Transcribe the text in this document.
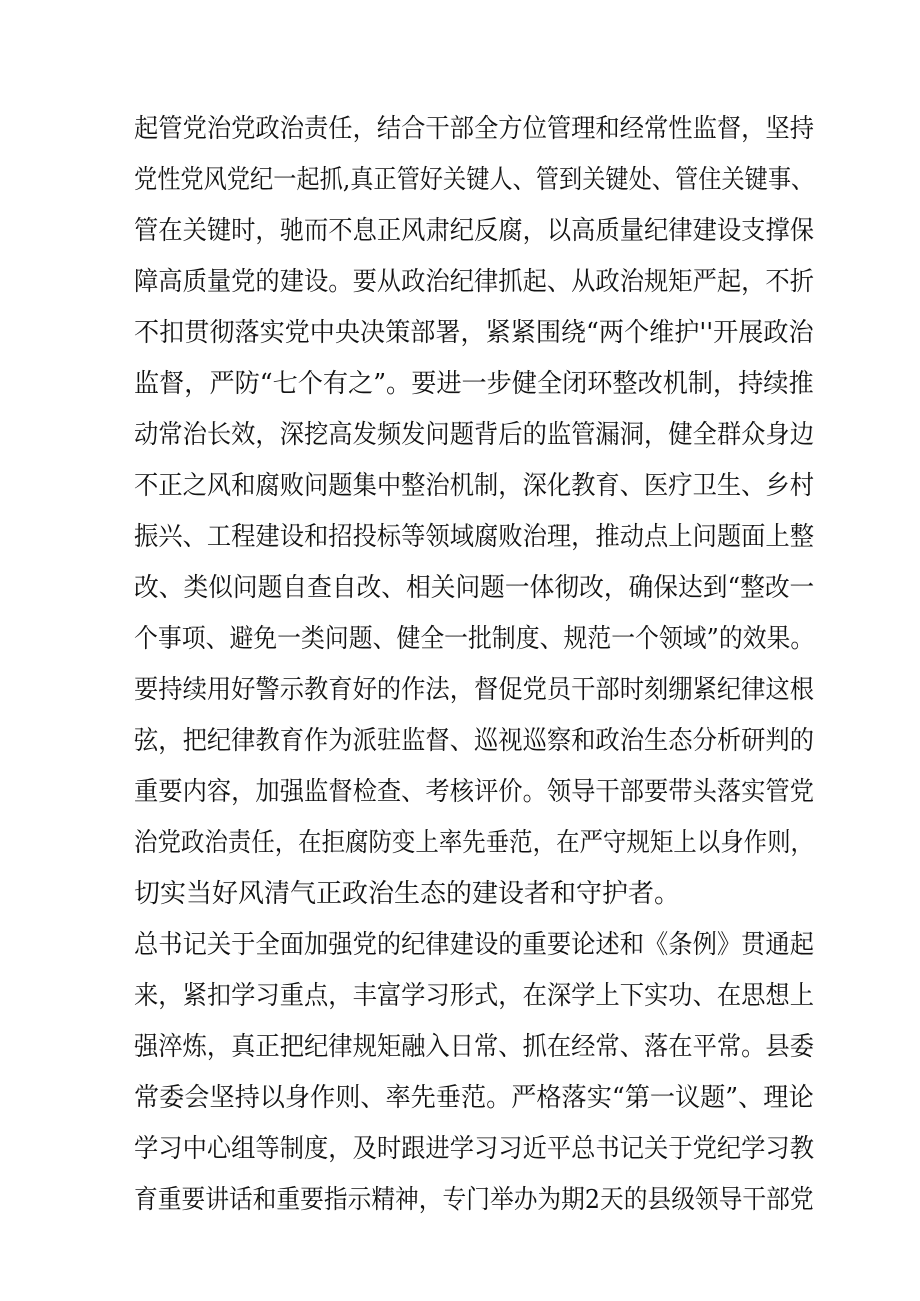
起管党治党政治责任，结合干部全方位管理和经常性监督，坚持
党性党风党纪一起抓,真正管好关键人、管到关键处、管住关键事、
管在关键时，驰而不息正风肃纪反腐，以高质量纪律建设支撑保
障高质量党的建设。要从政治纪律抓起、从政治规矩严起，不折
不扣贯彻落实党中央决策部署，紧紧围绕“两个维护''开展政治
监督，严防“七个有之”。要进一步健全闭环整改机制，持续推
动常治长效，深挖高发频发问题背后的监管漏洞，健全群众身边
不正之风和腐败问题集中整治机制，深化教育、医疗卫生、乡村
振兴、工程建设和招投标等领域腐败治理，推动点上问题面上整
改、类似问题自查自改、相关问题一体彻改，确保达到“整改一
个事项、避免一类问题、健全一批制度、规范一个领域”的效果。
要持续用好警示教育好的作法，督促党员干部时刻绷紧纪律这根
弦，把纪律教育作为派驻监督、巡视巡察和政治生态分析研判的
重要内容，加强监督检查、考核评价。领导干部要带头落实管党
治党政治责任，在拒腐防变上率先垂范，在严守规矩上以身作则，
切实当好风清气正政治生态的建设者和守护者。
总书记关于全面加强党的纪律建设的重要论述和《条例》贯通起
来，紧扣学习重点，丰富学习形式，在深学上下实功、在思想上
强淬炼，真正把纪律规矩融入日常、抓在经常、落在平常。县委
常委会坚持以身作则、率先垂范。严格落实“第一议题”、理论
学习中心组等制度，及时跟进学习习近平总书记关于党纪学习教
育重要讲话和重要指示精神，专门举办为期2天的县级领导干部党
